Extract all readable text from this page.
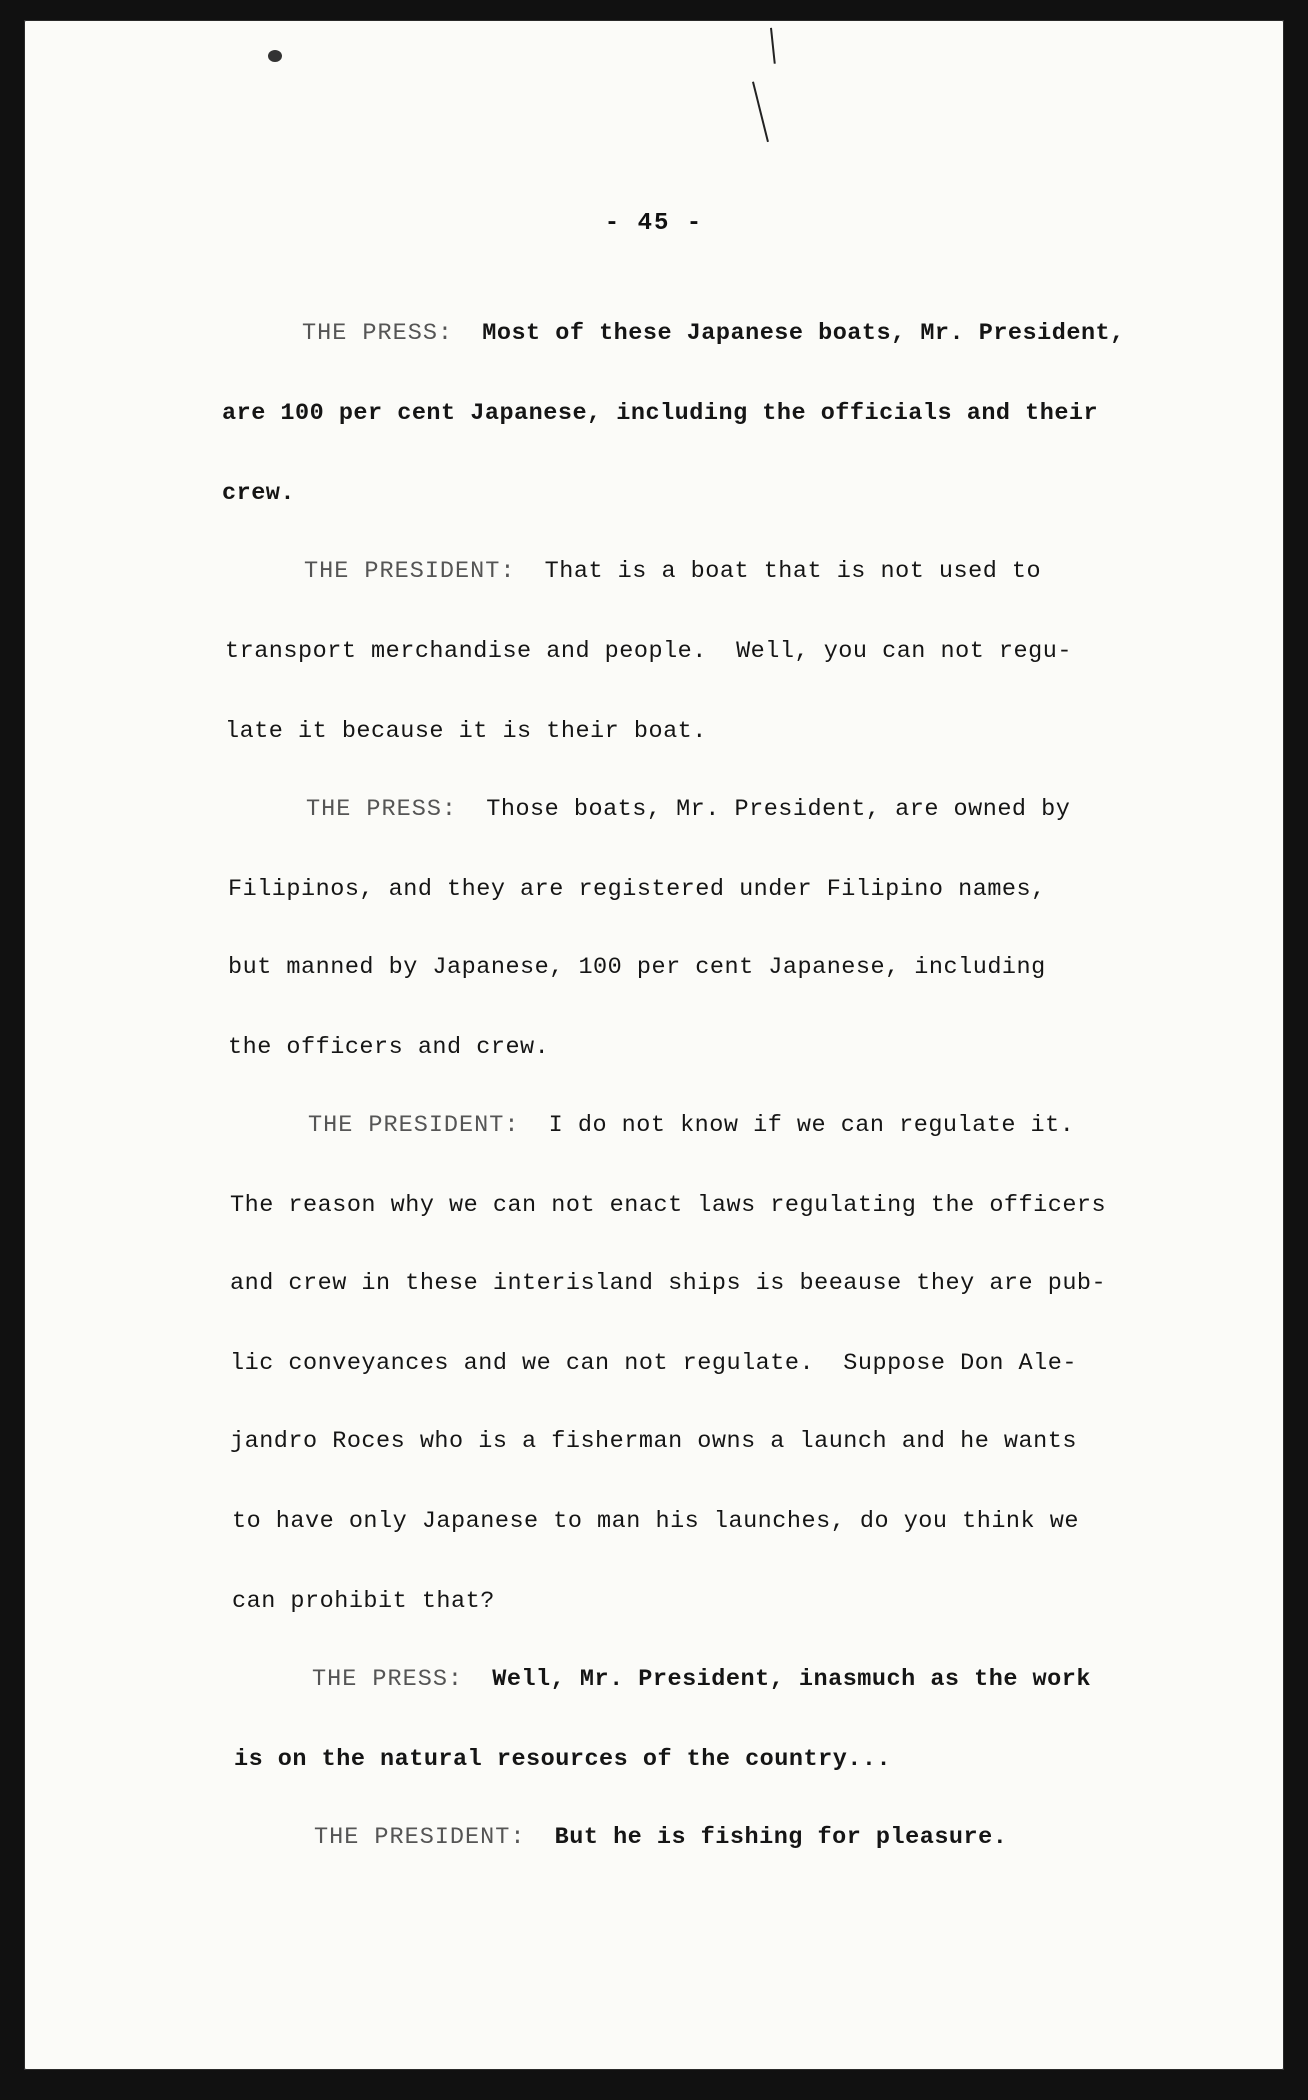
- 45 -
THE PRESS: Most of these Japanese boats, Mr. President,
are 100 per cent Japanese, including the officials and their
crew.
THE PRESIDENT: That is a boat that is not used to
transport merchandise and people.  Well, you can not regu-
late it because it is their boat.
THE PRESS: Those boats, Mr. President, are owned by
Filipinos, and they are registered under Filipino names,
but manned by Japanese, 100 per cent Japanese, including
the officers and crew.
THE PRESIDENT: I do not know if we can regulate it.
The reason why we can not enact laws regulating the officers
and crew in these interisland ships is beeause they are pub-
lic conveyances and we can not regulate.  Suppose Don Ale-
jandro Roces who is a fisherman owns a launch and he wants
to have only Japanese to man his launches, do you think we
can prohibit that?
THE PRESS: Well, Mr. President, inasmuch as the work
is on the natural resources of the country...
THE PRESIDENT: But he is fishing for pleasure.
